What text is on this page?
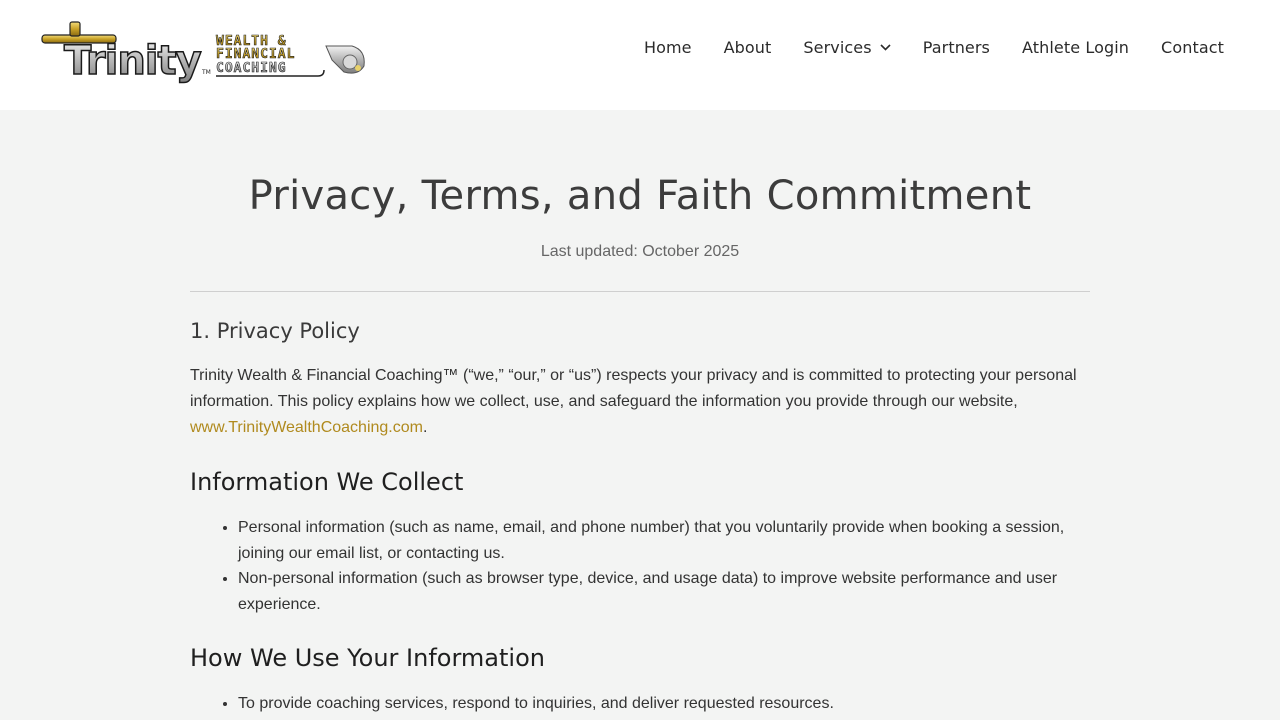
Trinity TM
WEALTH &
FINANCIAL
COACHING
Home About Services	Partners Athlete Login Contact
Privacy, Terms, and Faith Commitment
Last updated: October 2025
1. Privacy Policy

Trinity Wealth & Financial Coaching™ (“we,” “our,” or “us”) respects your privacy and is committed to protecting your personal information. This policy explains how we collect, use, and safeguard the information you provide through our website, www.TrinityWealthCoaching.com.

Information We Collect
• Personal information (such as name, email, and phone number) that you voluntarily provide when booking a session, joining our email list, or contacting us.
• Non-personal information (such as browser type, device, and usage data) to improve website performance and user experience.
How We Use Your Information
• To provide coaching services, respond to inquiries, and deliver requested resources.
